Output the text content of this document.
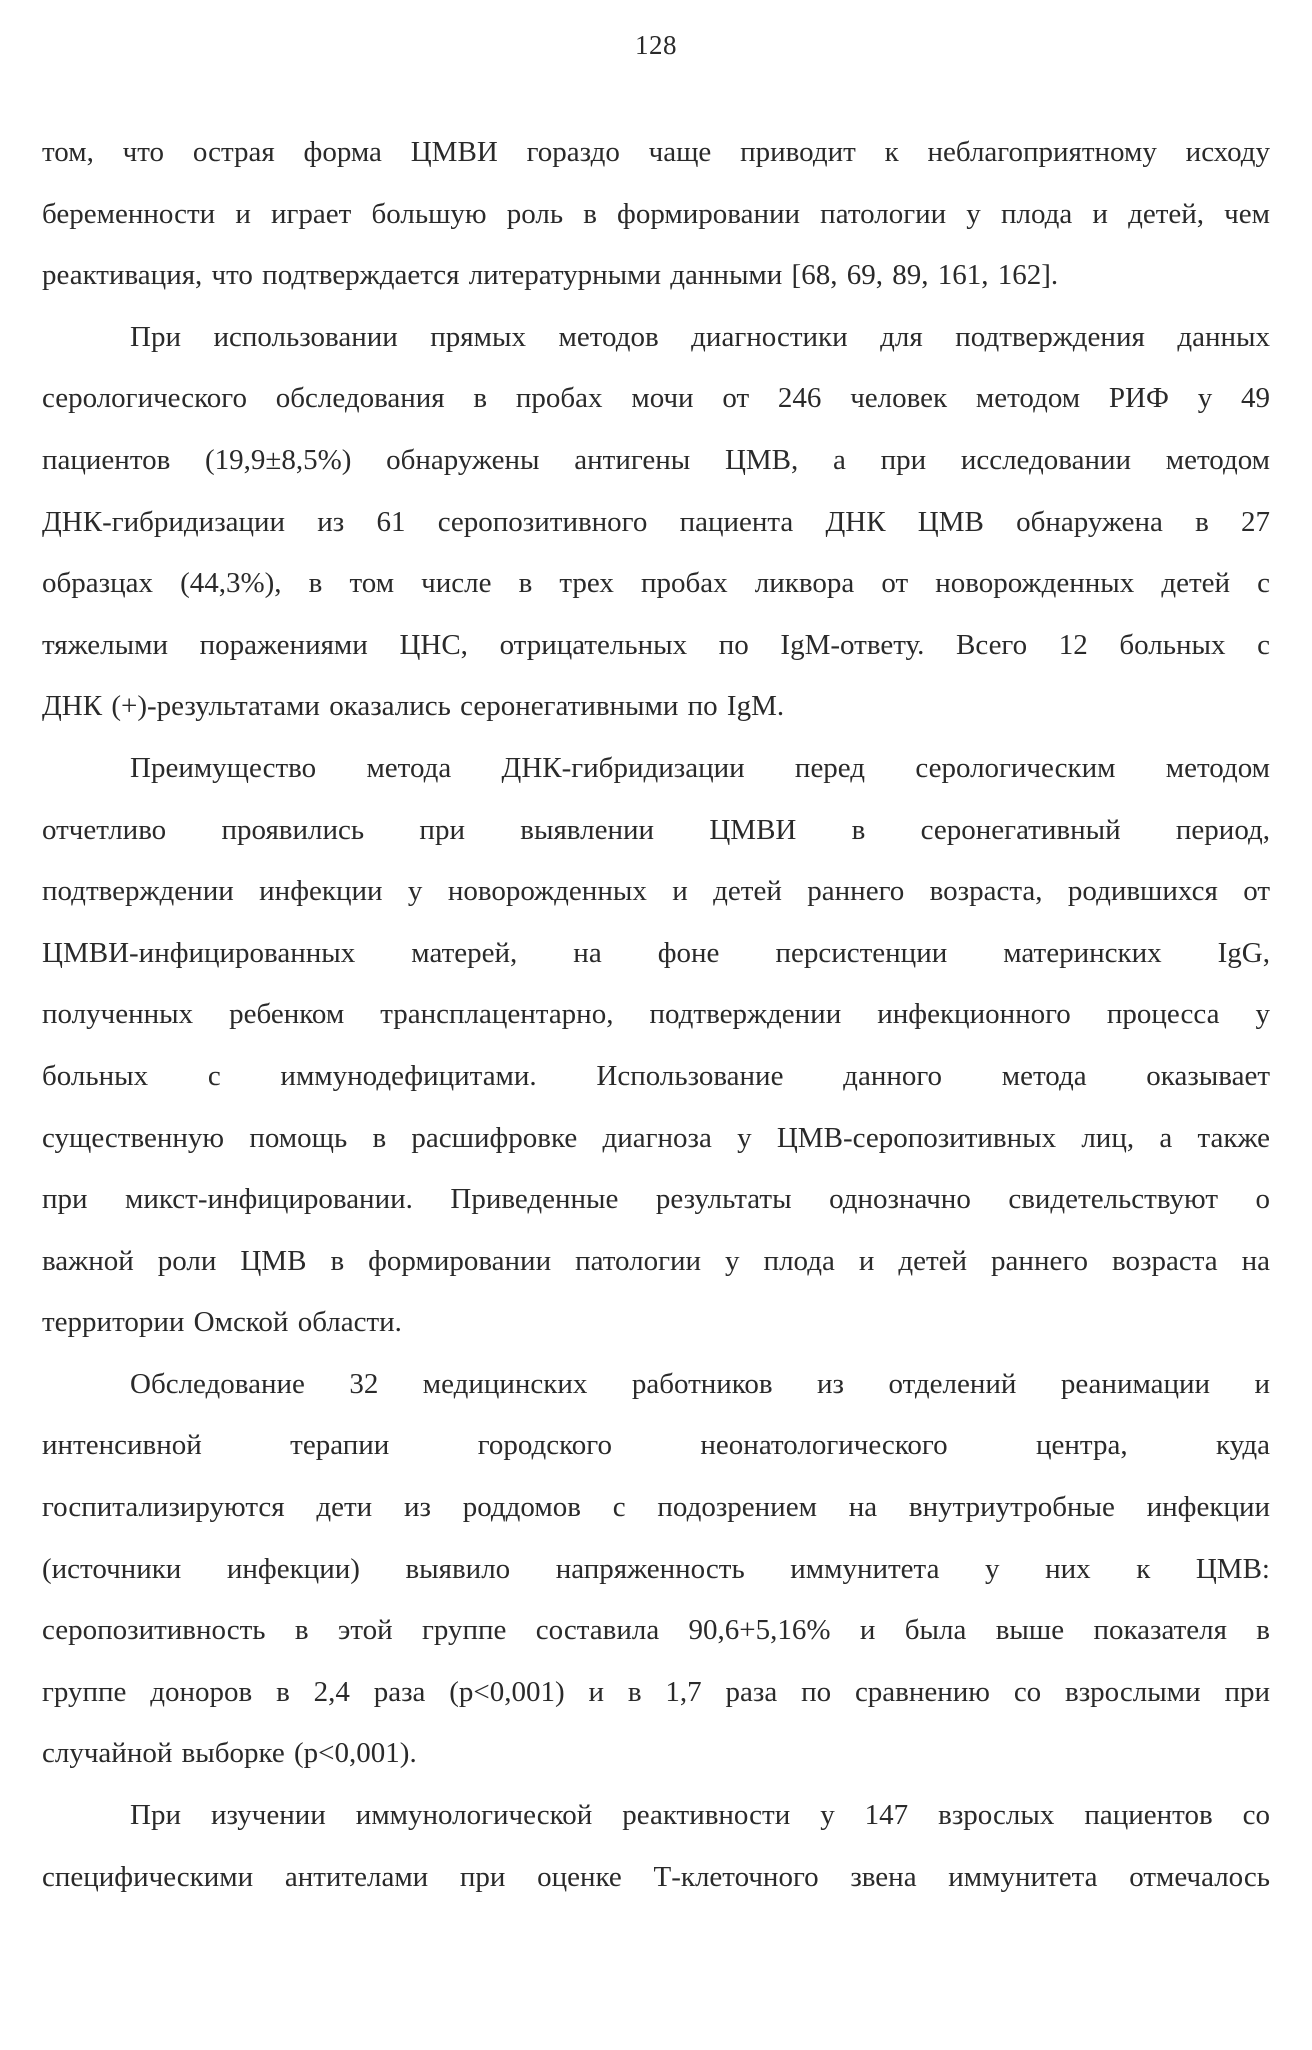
128
том, что острая форма ЦМВИ гораздо чаще приводит к неблагоприятному исходу
беременности и играет большую роль в формировании патологии у плода и детей, чем
реактивация, что подтверждается литературными данными [68, 69, 89, 161, 162].
При использовании прямых методов диагностики для подтверждения данных
серологического обследования в пробах мочи от 246 человек методом РИФ у 49
пациентов (19,9±8,5%) обнаружены антигены ЦМВ, а при исследовании методом
ДНК-гибридизации из 61 серопозитивного пациента ДНК ЦМВ обнаружена в 27
образцах (44,3%), в том числе в трех пробах ликвора от новорожденных детей с
тяжелыми поражениями ЦНС, отрицательных по IgM-ответу. Всего 12 больных с
ДНК (+)-результатами оказались серонегативными по IgM.
Преимущество метода ДНК-гибридизации перед серологическим методом
отчетливо проявились при выявлении ЦМВИ в серонегативный период,
подтверждении инфекции у новорожденных и детей раннего возраста, родившихся от
ЦМВИ-инфицированных матерей, на фоне персистенции материнских IgG,
полученных ребенком трансплацентарно, подтверждении инфекционного процесса у
больных с иммунодефицитами. Использование данного метода оказывает
существенную помощь в расшифровке диагноза у ЦМВ-серопозитивных лиц, а также
при микст-инфицировании. Приведенные результаты однозначно свидетельствуют о
важной роли ЦМВ в формировании патологии у плода и детей раннего возраста на
территории Омской области.
Обследование 32 медицинских работников из отделений реанимации и
интенсивной терапии городского неонатологического центра, куда
госпитализируются дети из роддомов с подозрением на внутриутробные инфекции
(источники инфекции) выявило напряженность иммунитета у них к ЦМВ:
серопозитивность в этой группе составила 90,6+5,16% и была выше показателя в
группе доноров в 2,4 раза (p<0,001) и в 1,7 раза по сравнению со взрослыми при
случайной выборке (p<0,001).
При изучении иммунологической реактивности у 147 взрослых пациентов со
специфическими антителами при оценке Т-клеточного звена иммунитета отмечалось
